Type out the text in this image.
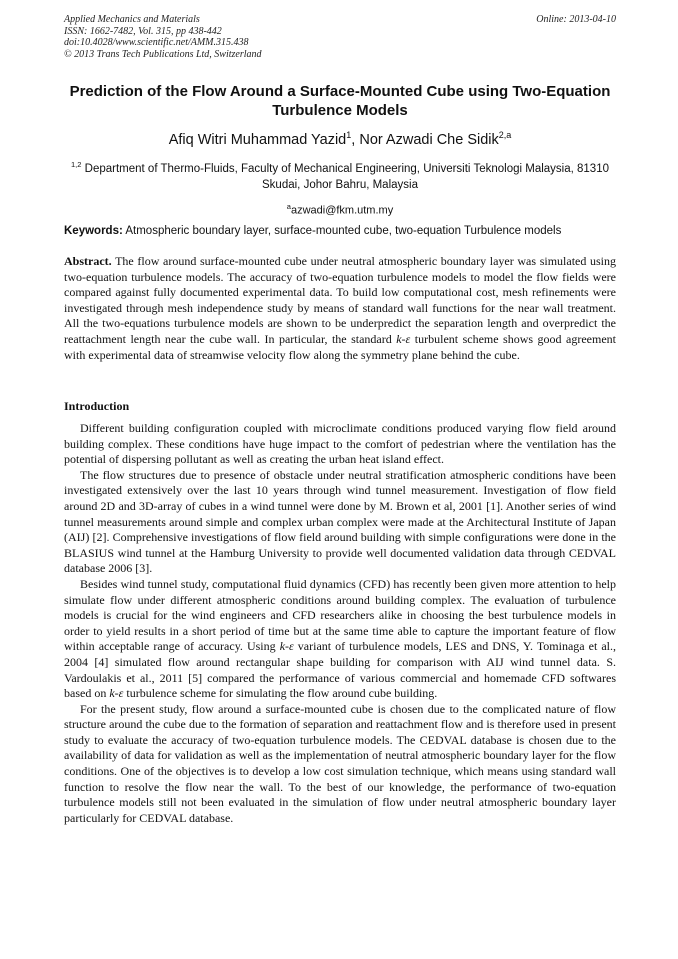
Applied Mechanics and Materials
ISSN: 1662-7482, Vol. 315, pp 438-442
doi:10.4028/www.scientific.net/AMM.315.438
© 2013 Trans Tech Publications Ltd, Switzerland
Online: 2013-04-10
Prediction of the Flow Around a Surface-Mounted Cube using Two-Equation Turbulence Models
Afiq Witri Muhammad Yazid$^1$, Nor Azwadi Che Sidik$^{2,a}$
$^{1,2}$ Department of Thermo-Fluids, Faculty of Mechanical Engineering, Universiti Teknologi Malaysia, 81310 Skudai, Johor Bahru, Malaysia
$^a$azwadi@fkm.utm.my
Keywords: Atmospheric boundary layer, surface-mounted cube, two-equation Turbulence models
Abstract. The flow around surface-mounted cube under neutral atmospheric boundary layer was simulated using two-equation turbulence models. The accuracy of two-equation turbulence models to model the flow fields were compared against fully documented experimental data. To build low computational cost, mesh refinements were investigated through mesh independence study by means of standard wall functions for the near wall treatment. All the two-equations turbulence models are shown to be underpredict the separation length and overpredict the reattachment length near the cube wall. In particular, the standard k-ε turbulent scheme shows good agreement with experimental data of streamwise velocity flow along the symmetry plane behind the cube.
Introduction

Different building configuration coupled with microclimate conditions produced varying flow field around building complex. These conditions have huge impact to the comfort of pedestrian where the ventilation has the potential of dispersing pollutant as well as creating the urban heat island effect.

The flow structures due to presence of obstacle under neutral stratification atmospheric conditions have been investigated extensively over the last 10 years through wind tunnel measurement. Investigation of flow field around 2D and 3D-array of cubes in a wind tunnel were done by M. Brown et al, 2001 [1]. Another series of wind tunnel measurements around simple and complex urban complex were made at the Architectural Institute of Japan (AIJ) [2]. Comprehensive investigations of flow field around building with simple configurations were done in the BLASIUS wind tunnel at the Hamburg University to provide well documented validation data through CEDVAL database 2006 [3].

Besides wind tunnel study, computational fluid dynamics (CFD) has recently been given more attention to help simulate flow under different atmospheric conditions around building complex. The evaluation of turbulence models is crucial for the wind engineers and CFD researchers alike in choosing the best turbulence models in order to yield results in a short period of time but at the same time able to capture the important feature of flow within acceptable range of accuracy. Using k-ε variant of turbulence models, LES and DNS, Y. Tominaga et al., 2004 [4] simulated flow around rectangular shape building for comparison with AIJ wind tunnel data. S. Vardoulakis et al., 2011 [5] compared the performance of various commercial and homemade CFD softwares based on k-ε turbulence scheme for simulating the flow around cube building.

For the present study, flow around a surface-mounted cube is chosen due to the complicated nature of flow structure around the cube due to the formation of separation and reattachment flow and is therefore used in present study to evaluate the accuracy of two-equation turbulence models. The CEDVAL database is chosen due to the availability of data for validation as well as the implementation of neutral atmospheric boundary layer for the flow conditions. One of the objectives is to develop a low cost simulation technique, which means using standard wall function to resolve the flow near the wall. To the best of our knowledge, the performance of two-equation turbulence models still not been evaluated in the simulation of flow under neutral atmospheric boundary layer particularly for CEDVAL database.
